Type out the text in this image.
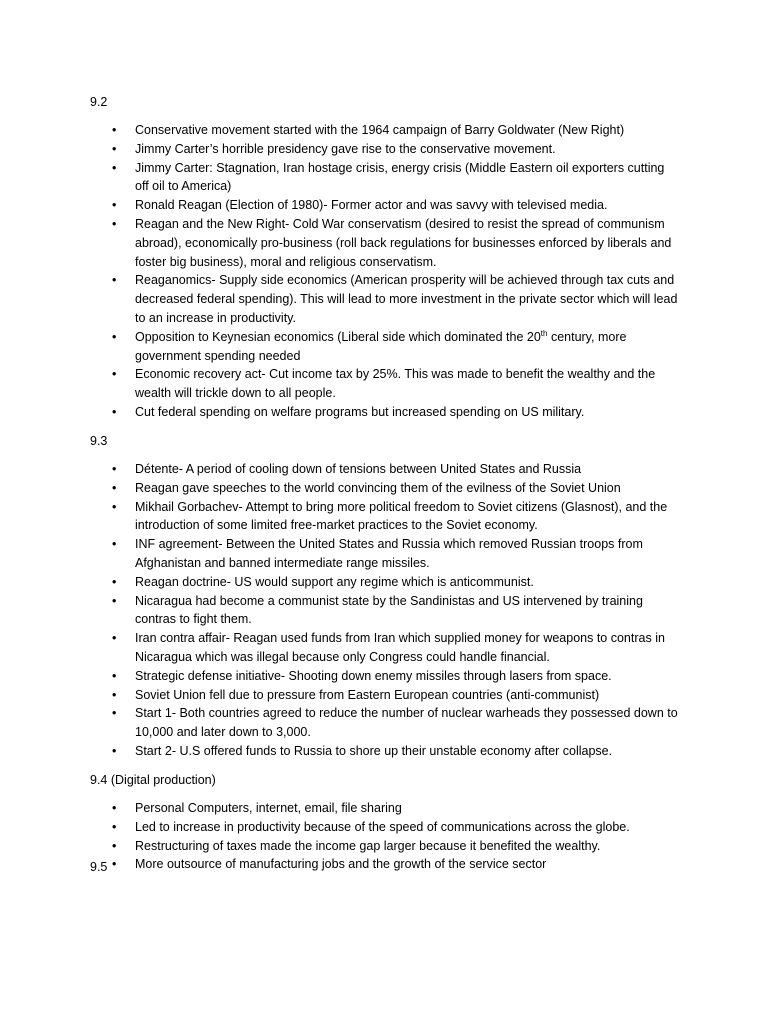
9.2
• Conservative movement started with the 1964 campaign of Barry Goldwater (New Right)
• Jimmy Carter’s horrible presidency gave rise to the conservative movement.
• Jimmy Carter: Stagnation, Iran hostage crisis, energy crisis (Middle Eastern oil exporters cutting off oil to America)
• Ronald Reagan (Election of 1980)- Former actor and was savvy with televised media.
• Reagan and the New Right- Cold War conservatism (desired to resist the spread of communism abroad), economically pro-business (roll back regulations for businesses enforced by liberals and foster big business), moral and religious conservatism.
• Reaganomics- Supply side economics (American prosperity will be achieved through tax cuts and decreased federal spending). This will lead to more investment in the private sector which will lead to an increase in productivity.
• Opposition to Keynesian economics (Liberal side which dominated the 20th century, more government spending needed
• Economic recovery act- Cut income tax by 25%. This was made to benefit the wealthy and the wealth will trickle down to all people.
• Cut federal spending on welfare programs but increased spending on US military.
9.3
• Détente- A period of cooling down of tensions between United States and Russia
• Reagan gave speeches to the world convincing them of the evilness of the Soviet Union
• Mikhail Gorbachev- Attempt to bring more political freedom to Soviet citizens (Glasnost), and the introduction of some limited free-market practices to the Soviet economy.
• INF agreement- Between the United States and Russia which removed Russian troops from Afghanistan and banned intermediate range missiles.
• Reagan doctrine- US would support any regime which is anticommunist.
• Nicaragua had become a communist state by the Sandinistas and US intervened by training contras to fight them.
• Iran contra affair- Reagan used funds from Iran which supplied money for weapons to contras in Nicaragua which was illegal because only Congress could handle financial.
• Strategic defense initiative- Shooting down enemy missiles through lasers from space.
• Soviet Union fell due to pressure from Eastern European countries (anti-communist)
• Start 1- Both countries agreed to reduce the number of nuclear warheads they possessed down to 10,000 and later down to 3,000.
• Start 2- U.S offered funds to Russia to shore up their unstable economy after collapse.
9.4 (Digital production)
• Personal Computers, internet, email, file sharing
• Led to increase in productivity because of the speed of communications across the globe.
• Restructuring of taxes made the income gap larger because it benefited the wealthy.
• More outsource of manufacturing jobs and the growth of the service sector
9.5
